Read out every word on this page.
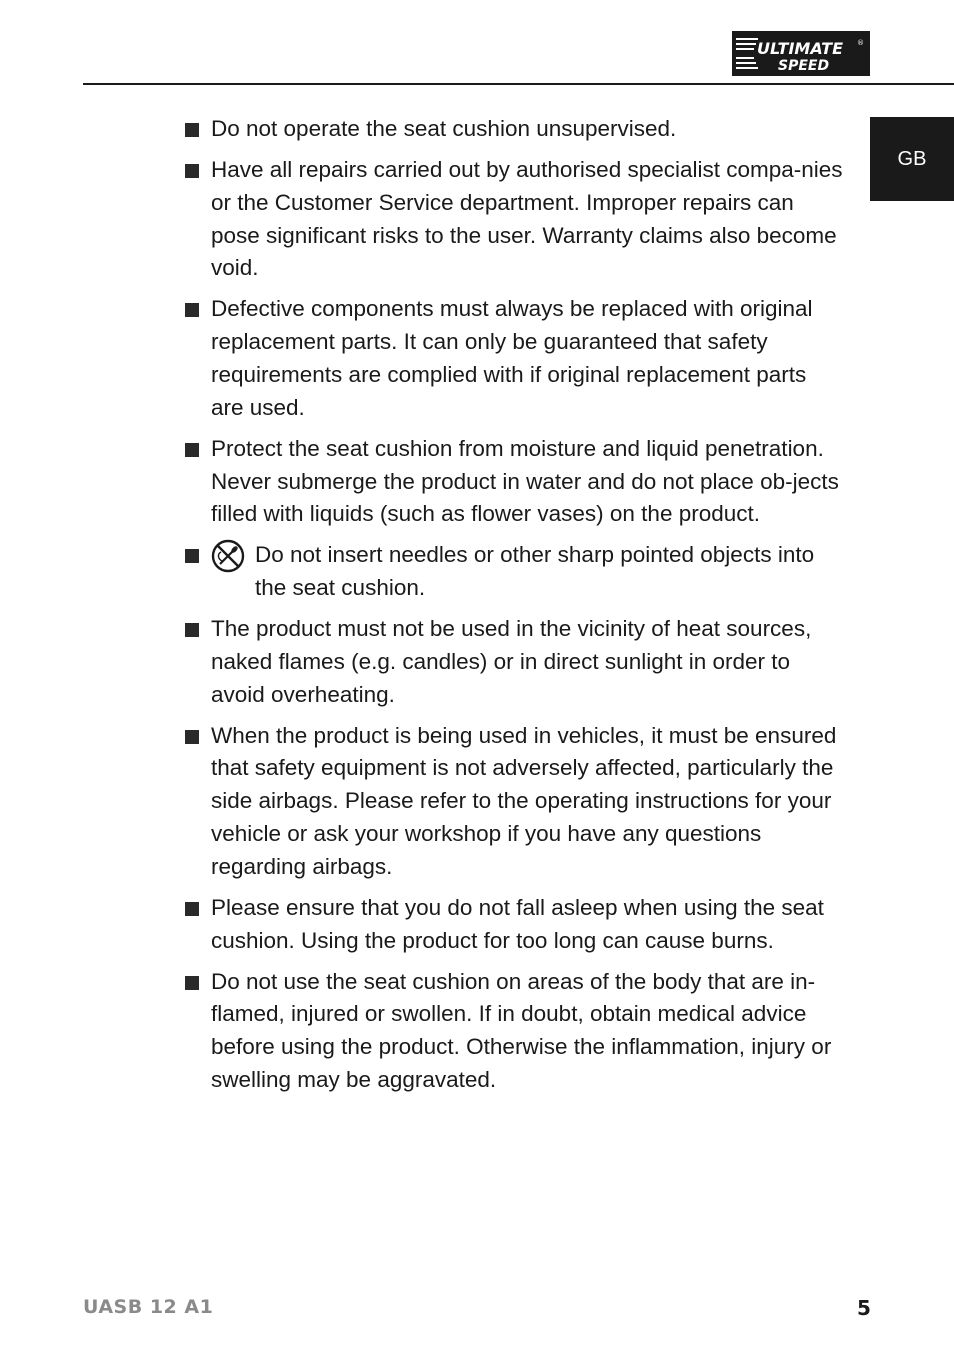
ULTIMATE
SPEED
®
GB
Do not operate the seat cushion unsupervised.
Have all repairs carried out by authorised specialist compa-nies or the Customer Service department. Improper repairs can pose significant risks to the user. Warranty claims also become void.
Defective components must always be replaced with original replacement parts. It can only be guaranteed that safety requirements are complied with if original replacement parts are used.
Protect the seat cushion from moisture and liquid penetration. Never submerge the product in water and do not place ob-jects filled with liquids (such as flower vases) on the product.
Do not insert needles or other sharp pointed objects into the seat cushion.
The product must not be used in the vicinity of heat sources, naked flames (e.g. candles) or in direct sunlight in order to avoid overheating.
When the product is being used in vehicles, it must be ensured that safety equipment is not adversely affected, particularly the side airbags. Please refer to the operating instructions for your vehicle or ask your workshop if you have any questions regarding airbags.
Please ensure that you do not fall asleep when using the seat cushion. Using the product for too long can cause burns.
Do not use the seat cushion on areas of the body that are in-flamed, injured or swollen. If in doubt, obtain medical advice before using the product. Otherwise the inflammation, injury or swelling may be aggravated.
UASB 12 A1	5
